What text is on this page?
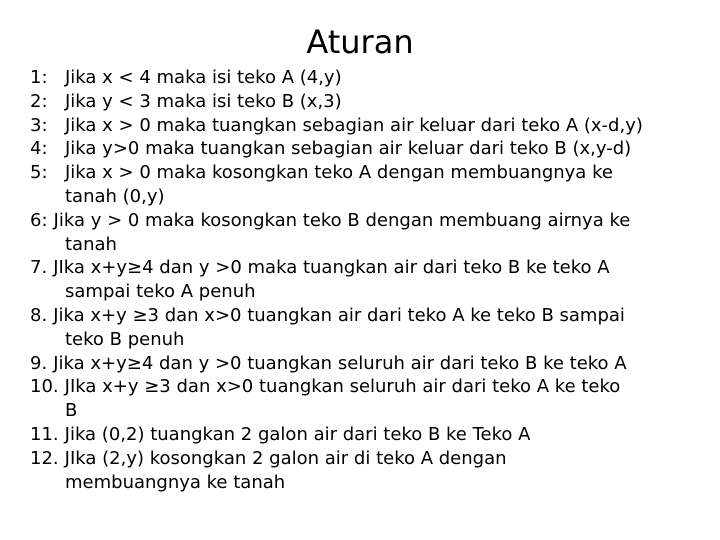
Aturan
1: Jika x < 4 maka isi teko A (4,y)
2: Jika y < 3 maka isi teko B (x,3)
3: Jika x > 0 maka tuangkan sebagian air keluar dari teko A (x-d,y)
4: Jika y>0 maka tuangkan sebagian air keluar dari teko B (x,y-d)
5: Jika x > 0 maka kosongkan teko A dengan membuangnya ke
tanah (0,y)
6: Jika y > 0 maka kosongkan teko B dengan membuang airnya ke
tanah
7. JIka x+y≥4 dan y >0 maka tuangkan air dari teko B ke teko A
sampai teko A penuh
8. Jika x+y ≥3 dan x>0 tuangkan air dari teko A ke teko B sampai
teko B penuh
9. Jika x+y≥4 dan y >0 tuangkan seluruh air dari teko B ke teko A
10. JIka x+y ≥3 dan x>0 tuangkan seluruh air dari teko A ke teko
B
11. Jika (0,2) tuangkan 2 galon air dari teko B ke Teko A
12. JIka (2,y) kosongkan 2 galon air di teko A dengan
membuangnya ke tanah
